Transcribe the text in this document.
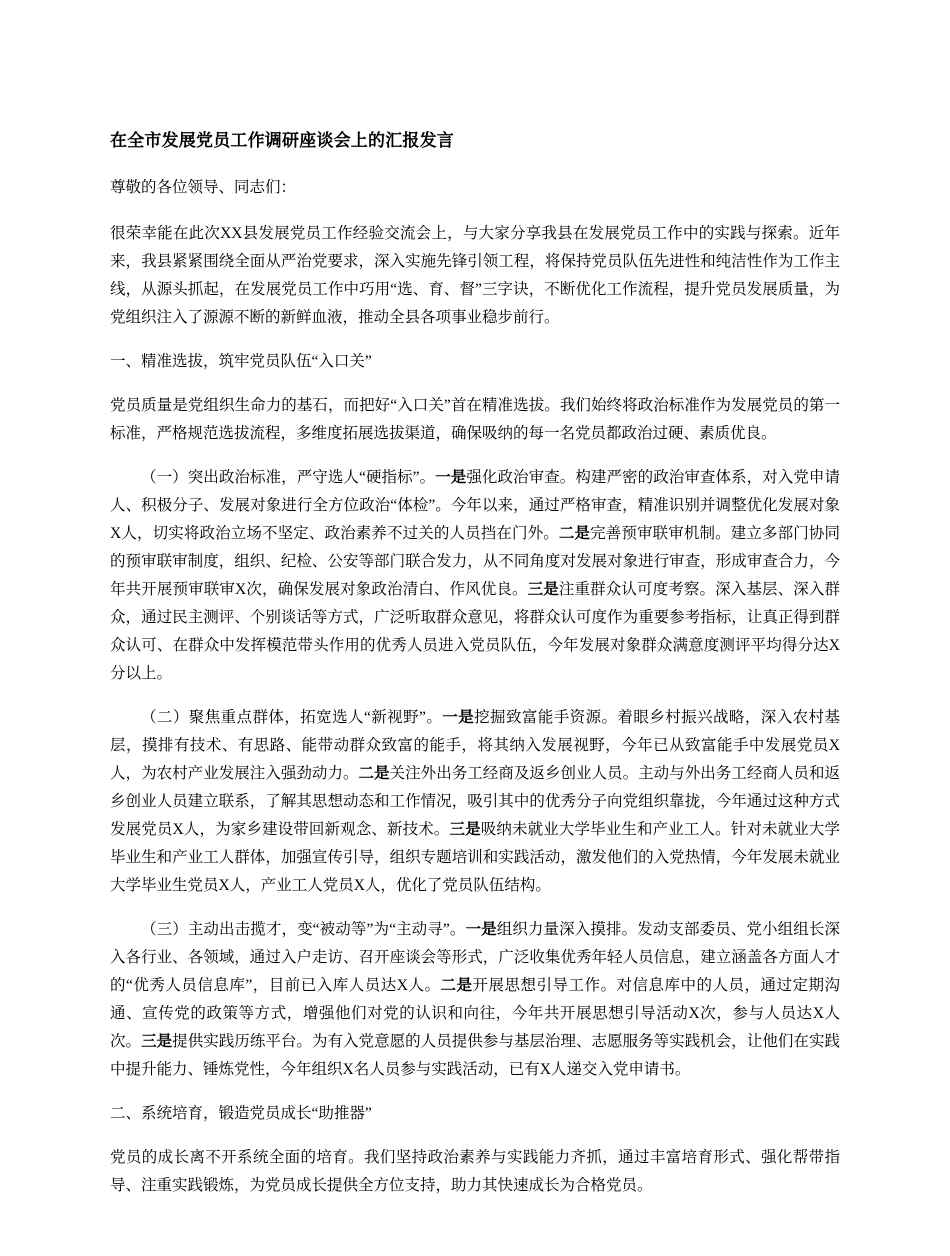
在全市发展党员工作调研座谈会上的汇报发言

尊敬的各位领导、同志们：

很荣幸能在此次XX县发展党员工作经验交流会上，与大家分享我县在发展党员工作中的实践与探索。近年来，我县紧紧围绕全面从严治党要求，深入实施先锋引领工程，将保持党员队伍先进性和纯洁性作为工作主线，从源头抓起，在发展党员工作中巧用“选、育、督”三字诀，不断优化工作流程，提升党员发展质量，为党组织注入了源源不断的新鲜血液，推动全县各项事业稳步前行。

一、精准选拔，筑牢党员队伍“入口关”

党员质量是党组织生命力的基石，而把好“入口关”首在精准选拔。我们始终将政治标准作为发展党员的第一标准，严格规范选拔流程，多维度拓展选拔渠道，确保吸纳的每一名党员都政治过硬、素质优良。

（一）突出政治标准，严守选人“硬指标”。一是强化政治审查。构建严密的政治审查体系，对入党申请人、积极分子、发展对象进行全方位政治“体检”。今年以来，通过严格审查，精准识别并调整优化发展对象X人，切实将政治立场不坚定、政治素养不过关的人员挡在门外。二是完善预审联审机制。建立多部门协同的预审联审制度，组织、纪检、公安等部门联合发力，从不同角度对发展对象进行审查，形成审查合力，今年共开展预审联审X次，确保发展对象政治清白、作风优良。三是注重群众认可度考察。深入基层、深入群众，通过民主测评、个别谈话等方式，广泛听取群众意见，将群众认可度作为重要参考指标，让真正得到群众认可、在群众中发挥模范带头作用的优秀人员进入党员队伍，今年发展对象群众满意度测评平均得分达X分以上。

（二）聚焦重点群体，拓宽选人“新视野”。一是挖掘致富能手资源。着眼乡村振兴战略，深入农村基层，摸排有技术、有思路、能带动群众致富的能手，将其纳入发展视野，今年已从致富能手中发展党员X人，为农村产业发展注入强劲动力。二是关注外出务工经商及返乡创业人员。主动与外出务工经商人员和返乡创业人员建立联系，了解其思想动态和工作情况，吸引其中的优秀分子向党组织靠拢，今年通过这种方式发展党员X人，为家乡建设带回新观念、新技术。三是吸纳未就业大学毕业生和产业工人。针对未就业大学毕业生和产业工人群体，加强宣传引导，组织专题培训和实践活动，激发他们的入党热情，今年发展未就业大学毕业生党员X人，产业工人党员X人，优化了党员队伍结构。

（三）主动出击揽才，变“被动等”为“主动寻”。一是组织力量深入摸排。发动支部委员、党小组组长深入各行业、各领域，通过入户走访、召开座谈会等形式，广泛收集优秀年轻人员信息，建立涵盖各方面人才的“优秀人员信息库”，目前已入库人员达X人。二是开展思想引导工作。对信息库中的人员，通过定期沟通、宣传党的政策等方式，增强他们对党的认识和向往，今年共开展思想引导活动X次，参与人员达X人次。三是提供实践历练平台。为有入党意愿的人员提供参与基层治理、志愿服务等实践机会，让他们在实践中提升能力、锤炼党性，今年组织X名人员参与实践活动，已有X人递交入党申请书。

二、系统培育，锻造党员成长“助推器”

党员的成长离不开系统全面的培育。我们坚持政治素养与实践能力齐抓，通过丰富培育形式、强化帮带指导、注重实践锻炼，为党员成长提供全方位支持，助力其快速成长为合格党员。
